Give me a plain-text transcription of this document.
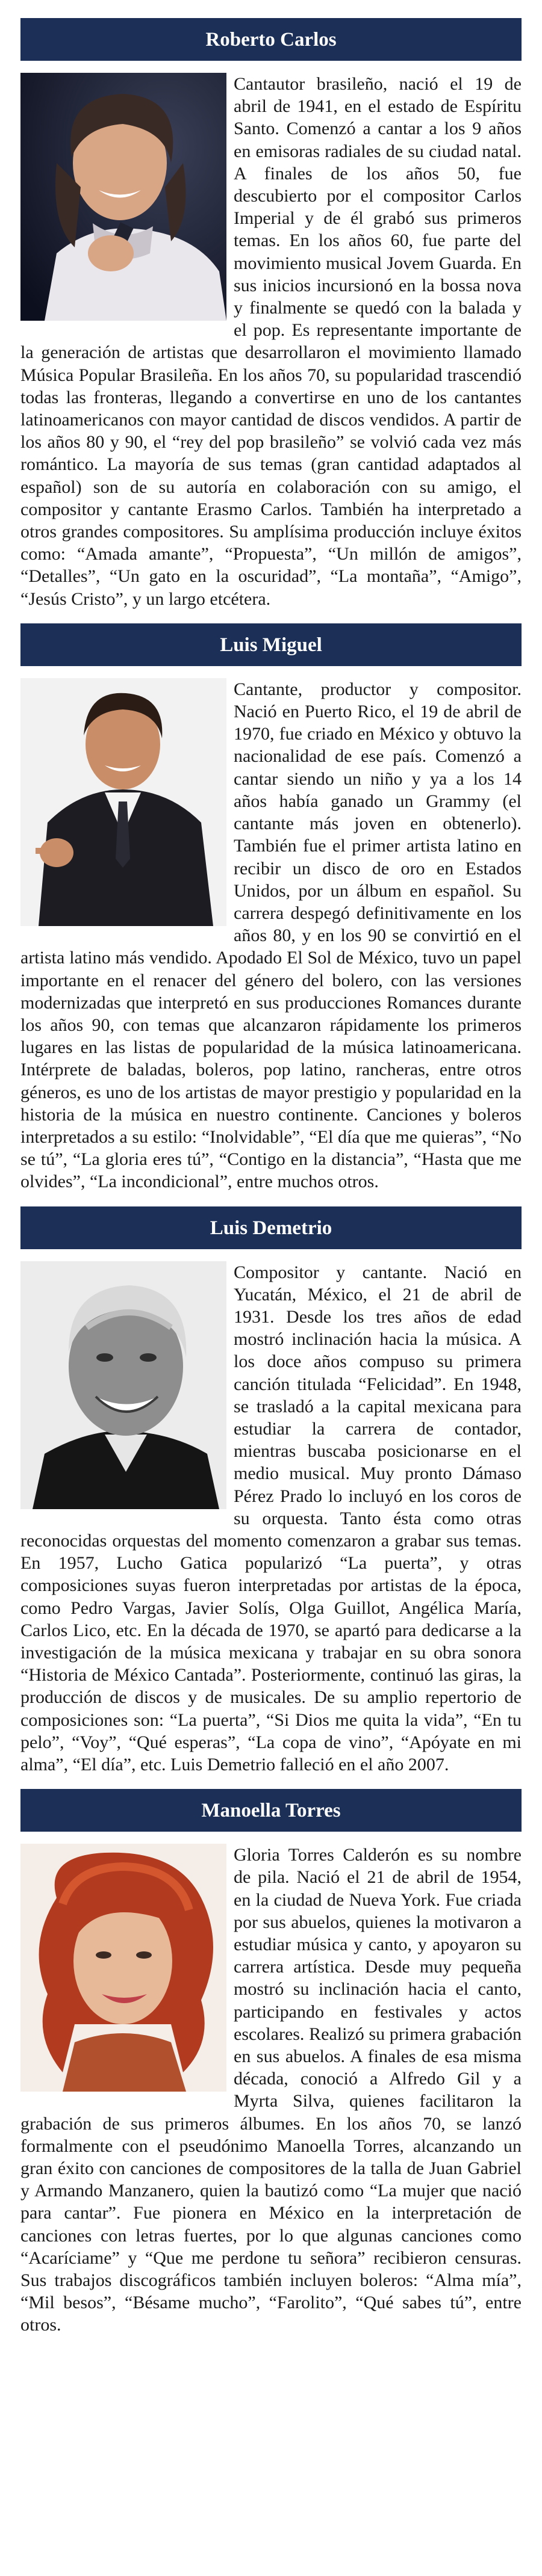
Roberto Carlos

Cantautor brasileño, nació el 19 de abril de 1941, en el estado de Espíritu Santo. Comenzó a cantar a los 9 años en emisoras radiales de su ciudad natal. A finales de los años 50, fue descubierto por el compositor Carlos Imperial y de él grabó sus primeros temas. En los años 60, fue parte del movimiento musical Jovem Guarda. En sus inicios incursionó en la bossa nova y finalmente se quedó con la balada y el pop. Es representante importante de la generación de artistas que desarrollaron el movimiento llamado Música Popular Brasileña. En los años 70, su popularidad trascendió todas las fronteras, llegando a convertirse en uno de los cantantes latinoamericanos con mayor cantidad de discos vendidos. A partir de los años 80 y 90, el “rey del pop brasileño” se volvió cada vez más romántico. La mayoría de sus temas (gran cantidad adaptados al español) son de su autoría en colaboración con su amigo, el compositor y cantante Erasmo Carlos. También ha interpretado a otros grandes compositores. Su amplísima producción incluye éxitos como: “Amada amante”, “Propuesta”, “Un millón de amigos”, “Detalles”, “Un gato en la oscuridad”, “La montaña”, “Amigo”, “Jesús Cristo”, y un largo etcétera.

Luis Miguel

Cantante, productor y compositor. Nació en Puerto Rico, el 19 de abril de 1970, fue criado en México y obtuvo la nacionalidad de ese país. Comenzó a cantar siendo un niño y ya a los 14 años había ganado un Grammy (el cantante más joven en obtenerlo). También fue el primer artista latino en recibir un disco de oro en Estados Unidos, por un álbum en español. Su carrera despegó definitivamente en los años 80, y en los 90 se convirtió en el artista latino más vendido. Apodado El Sol de México, tuvo un papel importante en el renacer del género del bolero, con las versiones modernizadas que interpretó en sus producciones Romances durante los años 90, con temas que alcanzaron rápidamente los primeros lugares en las listas de popularidad de la música latinoamericana. Intérprete de baladas, boleros, pop latino, rancheras, entre otros géneros, es uno de los artistas de mayor prestigio y popularidad en la historia de la música en nuestro continente. Canciones y boleros interpretados a su estilo: “Inolvidable”, “El día que me quieras”, “No se tú”, “La gloria eres tú”, “Contigo en la distancia”, “Hasta que me olvides”, “La incondicional”, entre muchos otros.

Luis Demetrio

Compositor y cantante. Nació en Yucatán, México, el 21 de abril de 1931. Desde los tres años de edad mostró inclinación hacia la música. A los doce años compuso su primera canción titulada “Felicidad”. En 1948, se trasladó a la capital mexicana para estudiar la carrera de contador, mientras buscaba posicionarse en el medio musical. Muy pronto Dámaso Pérez Prado lo incluyó en los coros de su orquesta. Tanto ésta como otras reconocidas orquestas del momento comenzaron a grabar sus temas. En 1957, Lucho Gatica popularizó “La puerta”, y otras composiciones suyas fueron interpretadas por artistas de la época, como Pedro Vargas, Javier Solís, Olga Guillot, Angélica María, Carlos Lico, etc. En la década de 1970, se apartó para dedicarse a la investigación de la música mexicana y trabajar en su obra sonora “Historia de México Cantada”. Posteriormente, continuó las giras, la producción de discos y de musicales. De su amplio repertorio de composiciones son: “La puerta”, “Si Dios me quita la vida”, “En tu pelo”, “Voy”, “Qué esperas”, “La copa de vino”, “Apóyate en mi alma”, “El día”, etc. Luis Demetrio falleció en el año 2007.

Manoella Torres

Gloria Torres Calderón es su nombre de pila. Nació el 21 de abril de 1954, en la ciudad de Nueva York. Fue criada por sus abuelos, quienes la motivaron a estudiar música y canto, y apoyaron su carrera artística. Desde muy pequeña mostró su inclinación hacia el canto, participando en festivales y actos escolares. Realizó su primera grabación en sus abuelos. A finales de esa misma década, conoció a Alfredo Gil y a Myrta Silva, quienes facilitaron la grabación de sus primeros álbumes. En los años 70, se lanzó formalmente con el pseudónimo Manoella Torres, alcanzando un gran éxito con canciones de compositores de la talla de Juan Gabriel y Armando Manzanero, quien la bautizó como “La mujer que nació para cantar”. Fue pionera en México en la interpretación de canciones con letras fuertes, por lo que algunas canciones como “Acaríciame” y “Que me perdone tu señora” recibieron censuras. Sus trabajos discográficos también incluyen boleros: “Alma mía”, “Mil besos”, “Bésame mucho”, “Farolito”, “Qué sabes tú”, entre otros.
